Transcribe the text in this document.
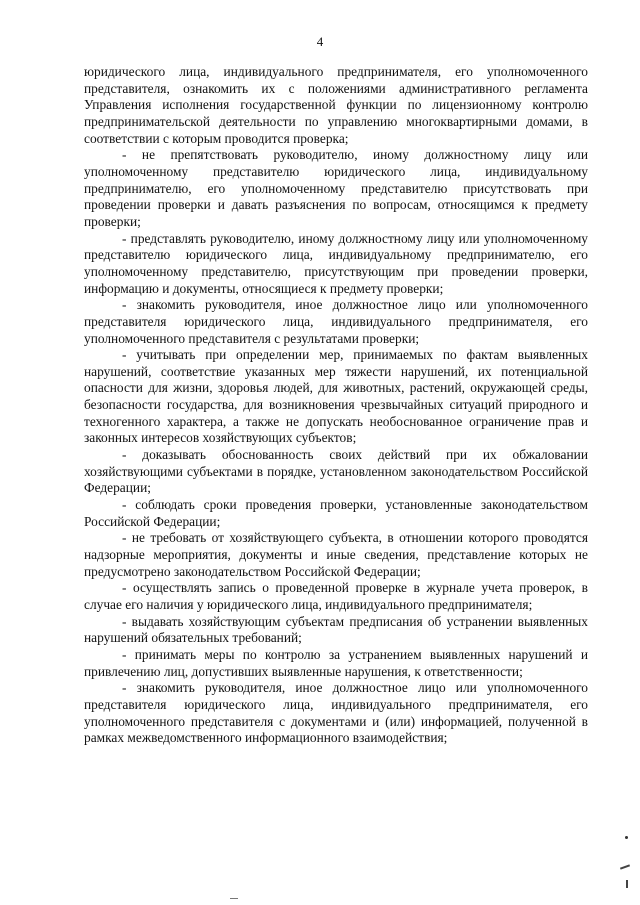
4

юридического лица, индивидуального предпринимателя, его уполномоченного представителя, ознакомить их с положениями административного регламента Управления исполнения государственной функции по лицензионному контролю предпринимательской деятельности по управлению многоквартирными домами, в соответствии с которым проводится проверка;

- не препятствовать руководителю, иному должностному лицу или уполномоченному представителю юридического лица, индивидуальному предпринимателю, его уполномоченному представителю присутствовать при проведении проверки и давать разъяснения по вопросам, относящимся к предмету проверки;

- представлять руководителю, иному должностному лицу или уполномоченному представителю юридического лица, индивидуальному предпринимателю, его уполномоченному представителю, присутствующим при проведении проверки, информацию и документы, относящиеся к предмету проверки;

- знакомить руководителя, иное должностное лицо или уполномоченного представителя юридического лица, индивидуального предпринимателя, его уполномоченного представителя с результатами проверки;

- учитывать при определении мер, принимаемых по фактам выявленных нарушений, соответствие указанных мер тяжести нарушений, их потенциальной опасности для жизни, здоровья людей, для животных, растений, окружающей среды, безопасности государства, для возникновения чрезвычайных ситуаций природного и техногенного характера, а также не допускать необоснованное ограничение прав и законных интересов хозяйствующих субъектов;

- доказывать обоснованность своих действий при их обжаловании хозяйствующими субъектами в порядке, установленном законодательством Российской Федерации;

- соблюдать сроки проведения проверки, установленные законодательством Российской Федерации;

- не требовать от хозяйствующего субъекта, в отношении которого проводятся надзорные мероприятия, документы и иные сведения, представление которых не предусмотрено законодательством Российской Федерации;

- осуществлять запись о проведенной проверке в журнале учета проверок, в случае его наличия у юридического лица, индивидуального предпринимателя;

- выдавать хозяйствующим субъектам предписания об устранении выявленных нарушений обязательных требований;

- принимать меры по контролю за устранением выявленных нарушений и привлечению лиц, допустивших выявленные нарушения, к ответственности;

- знакомить руководителя, иное должностное лицо или уполномоченного представителя юридического лица, индивидуального предпринимателя, его уполномоченного представителя с документами и (или) информацией, полученной в рамках межведомственного информационного взаимодействия;
